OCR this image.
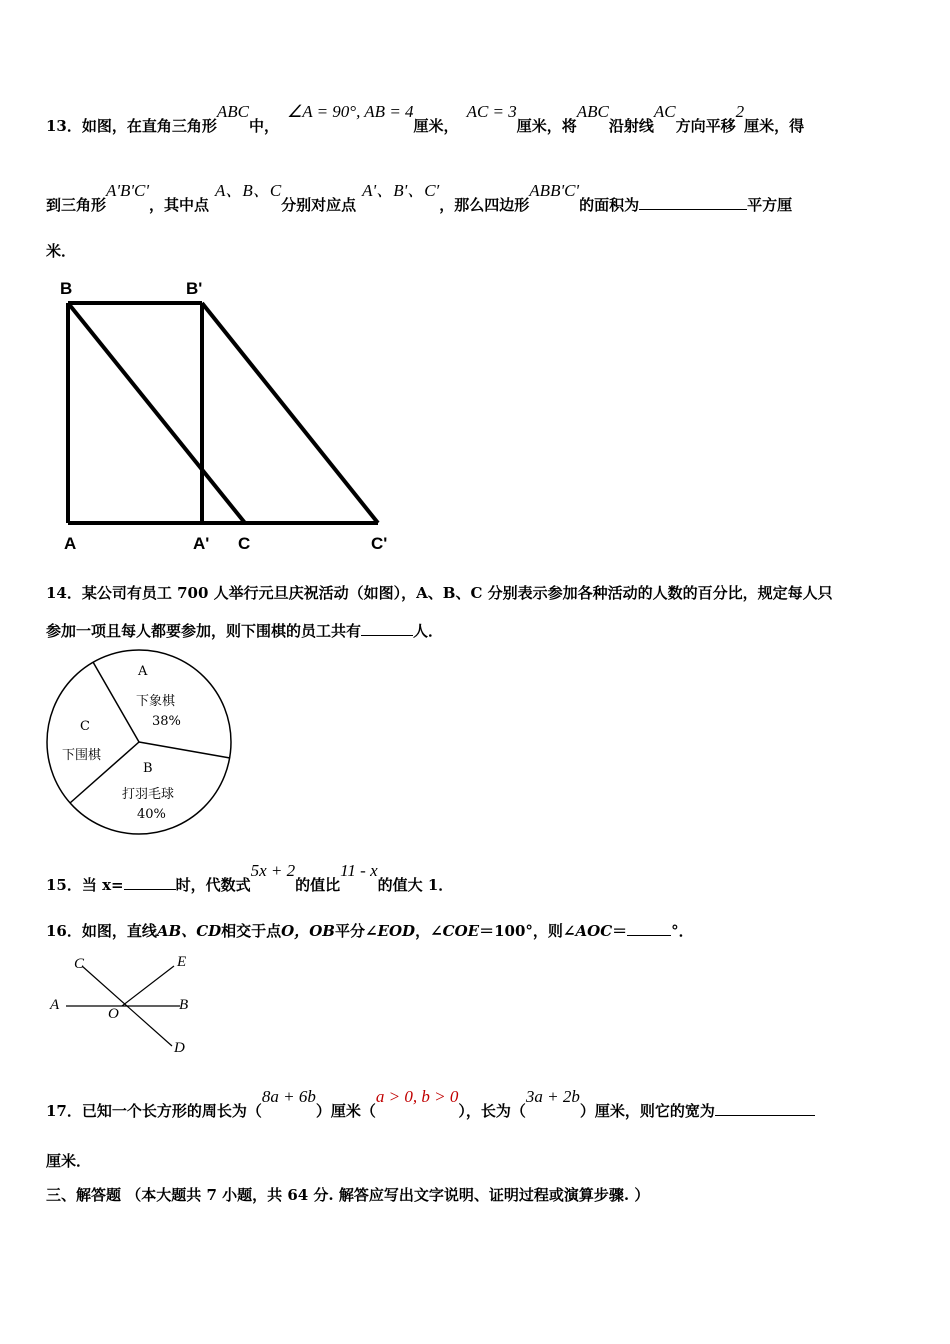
13．如图，在直角三角形ABC中，∠A = 90°, AB = 4厘米，AC = 3厘米，将ABC沿射线AC方向平移2厘米，得
到三角形A'B'C'，其中点A、B、C分别对应点A'、B'、C′，那么四边形ABB'C'的面积为	平方厘
米．
B	B'
A	A' C	C'
14．某公司有员工 700 人举行元旦庆祝活动（如图），A、B、C 分别表示参加各种活动的人数的百分比，规定每人只
参加一项且每人都要参加，则下围棋的员工共有	人．
A
下象棋
38%
C
下围棋
B
打羽毛球
40%
15．当 x=	时，代数式5x + 2的值比11 - x的值大 1．
16．如图，直线AB、CD相交于点O，OB平分∠EOD，∠COE＝100°，则∠AOC＝	°．
C	E
A
O
B
D
17．已知一个长方形的周长为（8a + 6b）厘米（a > 0, b > 0），长为（3a + 2b）厘米，则它的宽为
厘米．
三、解答题 （本大题共 7 小题，共 64 分. 解答应写出文字说明、证明过程或演算步骤. ）
